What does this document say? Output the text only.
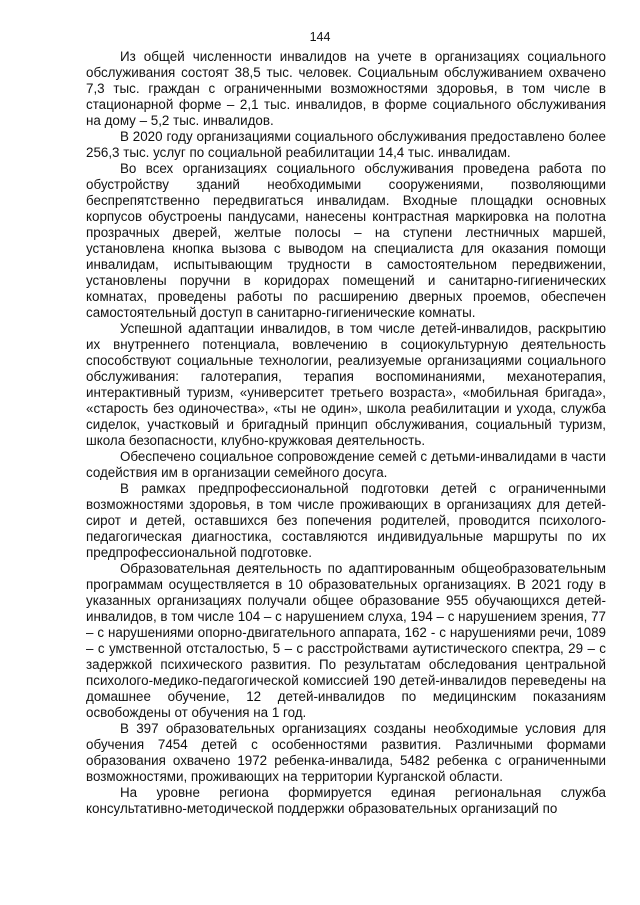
144

Из общей численности инвалидов на учете в организациях социального обслуживания состоят 38,5 тыс. человек. Социальным обслуживанием охвачено 7,3 тыс. граждан с ограниченными возможностями здоровья, в том числе в стационарной форме – 2,1 тыс. инвалидов, в форме социального обслуживания на дому – 5,2 тыс. инвалидов.

В 2020 году организациями социального обслуживания предоставлено более 256,3 тыс. услуг по социальной реабилитации 14,4 тыс. инвалидам.

Во всех организациях социального обслуживания проведена работа по обустройству зданий необходимыми сооружениями, позволяющими беспрепятственно передвигаться инвалидам. Входные площадки основных корпусов обустроены пандусами, нанесены контрастная маркировка на полотна прозрачных дверей, желтые полосы – на ступени лестничных маршей, установлена кнопка вызова с выводом на специалиста для оказания помощи инвалидам, испытывающим трудности в самостоятельном передвижении, установлены поручни в коридорах помещений и санитарно-гигиенических комнатах, проведены работы по расширению дверных проемов, обеспечен самостоятельный доступ в санитарно-гигиенические комнаты.

Успешной адаптации инвалидов, в том числе детей-инвалидов, раскрытию их внутреннего потенциала, вовлечению в социокультурную деятельность способствуют социальные технологии, реализуемые организациями социального обслуживания: галотерапия, терапия воспоминаниями, механотерапия, интерактивный туризм, «университет третьего возраста», «мобильная бригада», «старость без одиночества», «ты не один», школа реабилитации и ухода, служба сиделок, участковый и бригадный принцип обслуживания, социальный туризм, школа безопасности, клубно-кружковая деятельность.

Обеспечено социальное сопровождение семей с детьми-инвалидами в части содействия им в организации семейного досуга.

В рамках предпрофессиональной подготовки детей с ограниченными возможностями здоровья, в том числе проживающих в организациях для детей-сирот и детей, оставшихся без попечения родителей, проводится психолого-педагогическая диагностика, составляются индивидуальные маршруты по их предпрофессиональной подготовке.

Образовательная деятельность по адаптированным общеобразовательным программам осуществляется в 10 образовательных организациях. В 2021 году в указанных организациях получали общее образование 955 обучающихся детей-инвалидов, в том числе 104 – с нарушением слуха, 194 – с нарушением зрения, 77 – с нарушениями опорно-двигательного аппарата, 162 - с нарушениями речи, 1089 – с умственной отсталостью, 5 – с расстройствами аутистического спектра, 29 – с задержкой психического развития. По результатам обследования центральной психолого-медико-педагогической комиссией 190 детей-инвалидов переведены на домашнее обучение, 12 детей-инвалидов по медицинским показаниям освобождены от обучения на 1 год.

В 397 образовательных организациях созданы необходимые условия для обучения 7454 детей с особенностями развития. Различными формами образования охвачено 1972 ребенка-инвалида, 5482 ребенка с ограниченными возможностями, проживающих на территории Курганской области.

На уровне региона формируется единая региональная служба консультативно-методической поддержки образовательных организаций по
